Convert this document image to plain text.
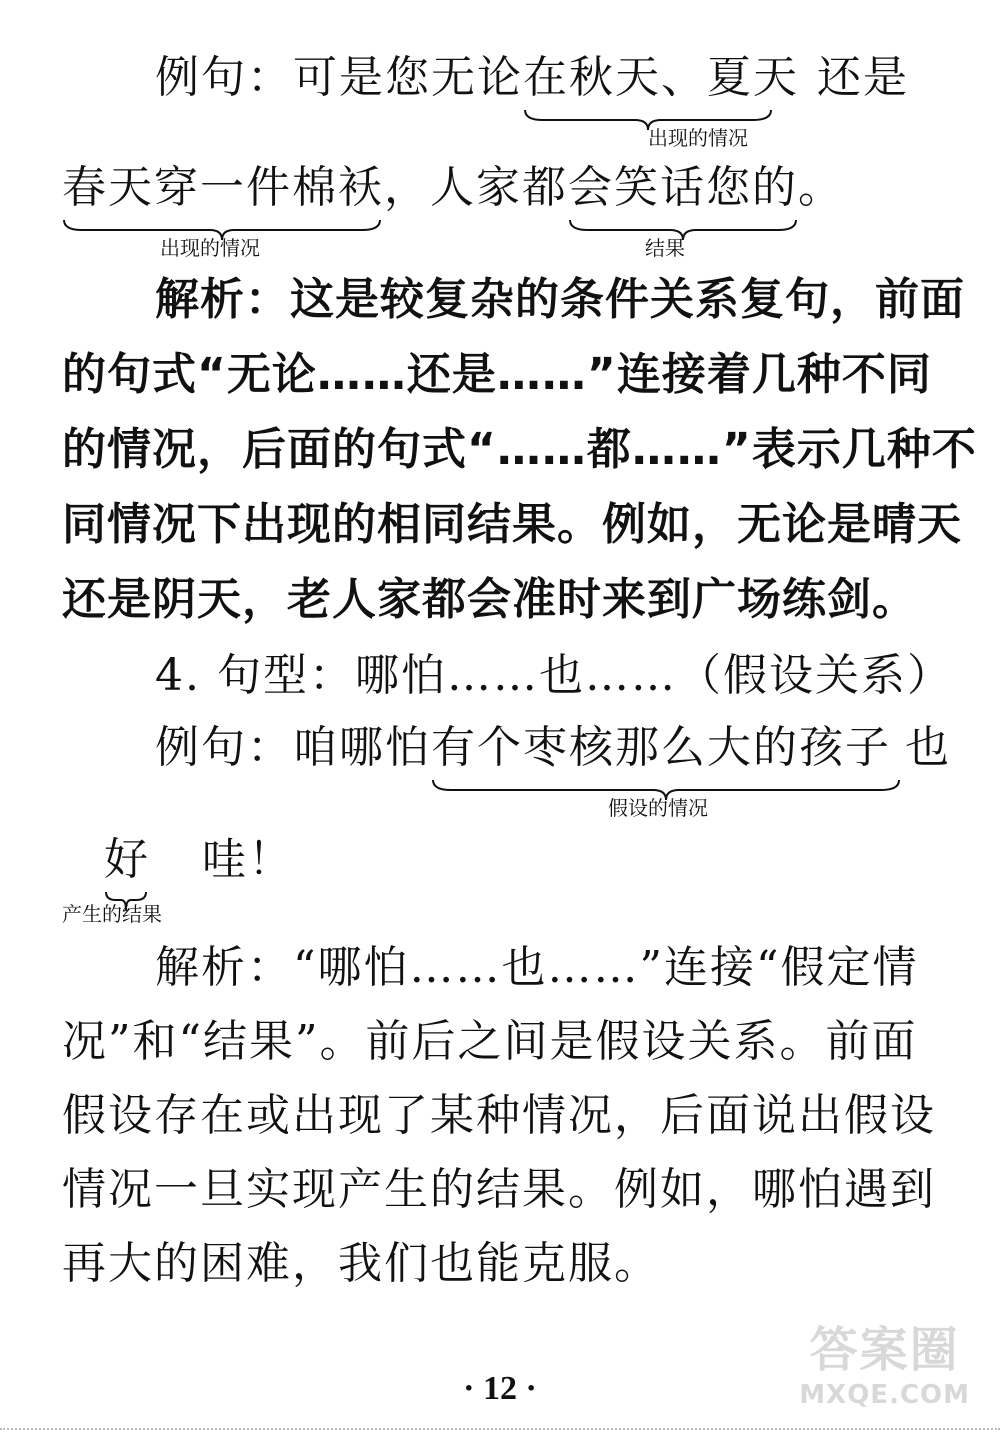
例句：可是您无论在秋天、夏天 还是
出现的情况
春天穿一件棉袄
，人家都会笑话您的
。
出现的情况	结果
解析：这是较复杂的条件关系复句，前面
的句式“无论……还是……”连接着几种不同
的情况，后面的句式“……都……”表示几种不
同情况下出现的相同结果。例如，无论是晴天
还是阴天，老人家都会准时来到广场练剑。
4. 句型：哪怕……也……（假设关系）
例句：咱哪怕有个枣核那么大的孩子 也
假设的情况
好 哇！
产生的结果
解析：“哪怕……也……”连接“假定情
况”和“结果”。前后之间是假设关系。前面
假设存在或出现了某种情况，后面说出假设
情况一旦实现产生的结果。例如，哪怕遇到
再大的困难，我们也能克服。
· 12 ·
答案圈
MXQE.COM
